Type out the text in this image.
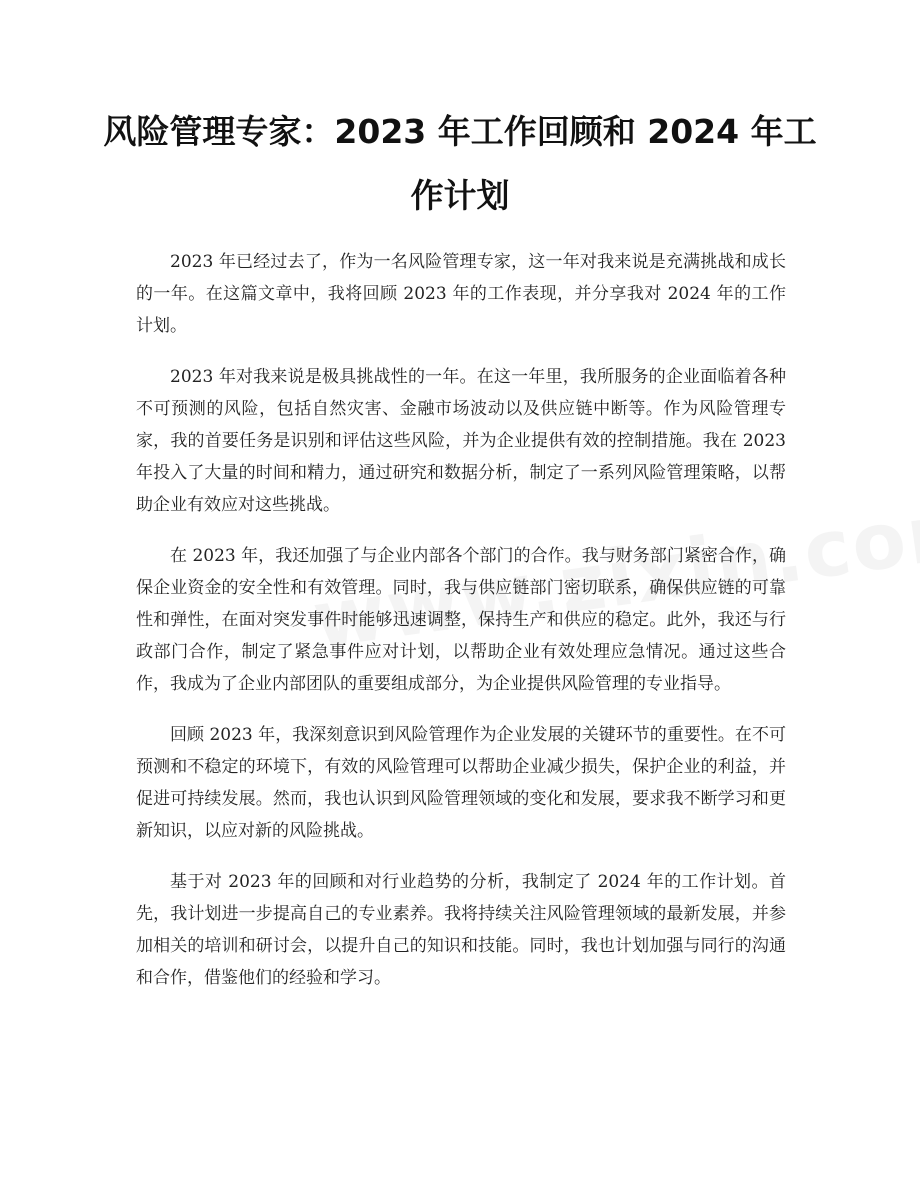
风险管理专家：2023 年工作回顾和 2024 年工作计划

2023 年已经过去了，作为一名风险管理专家，这一年对我来说是充满挑战和成长的一年。在这篇文章中，我将回顾 2023 年的工作表现，并分享我对 2024 年的工作计划。

2023 年对我来说是极具挑战性的一年。在这一年里，我所服务的企业面临着各种不可预测的风险，包括自然灾害、金融市场波动以及供应链中断等。作为风险管理专家，我的首要任务是识别和评估这些风险，并为企业提供有效的控制措施。我在 2023 年投入了大量的时间和精力，通过研究和数据分析，制定了一系列风险管理策略，以帮助企业有效应对这些挑战。

在 2023 年，我还加强了与企业内部各个部门的合作。我与财务部门紧密合作，确保企业资金的安全性和有效管理。同时，我与供应链部门密切联系，确保供应链的可靠性和弹性，在面对突发事件时能够迅速调整，保持生产和供应的稳定。此外，我还与行政部门合作，制定了紧急事件应对计划，以帮助企业有效处理应急情况。通过这些合作，我成为了企业内部团队的重要组成部分，为企业提供风险管理的专业指导。

回顾 2023 年，我深刻意识到风险管理作为企业发展的关键环节的重要性。在不可预测和不稳定的环境下，有效的风险管理可以帮助企业减少损失，保护企业的利益，并促进可持续发展。然而，我也认识到风险管理领域的变化和发展，要求我不断学习和更新知识，以应对新的风险挑战。

基于对 2023 年的回顾和对行业趋势的分析，我制定了 2024 年的工作计划。首先，我计划进一步提高自己的专业素养。我将持续关注风险管理领域的最新发展，并参加相关的培训和研讨会，以提升自己的知识和技能。同时，我也计划加强与同行的沟通和合作，借鉴他们的经验和学习。
